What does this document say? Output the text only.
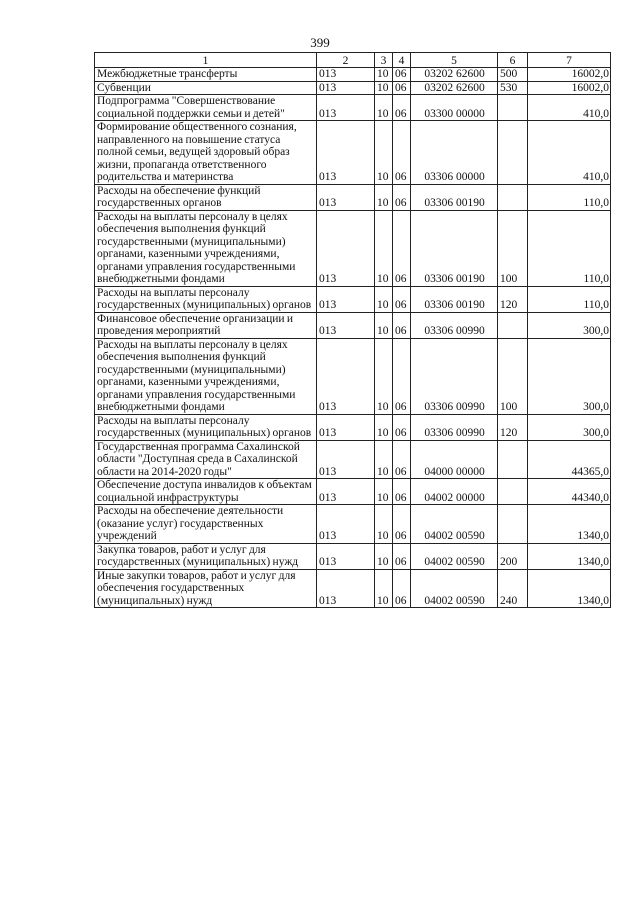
399
1	2	3	4	5	6	7
Межбюджетные трансферты	013	10	06	03202 62600	500	16002,0
Субвенции	013	10	06	03202 62600	530	16002,0
Подпрограмма "Совершенствование социальной поддержки семьи и детей"	013	10	06	03300 00000		410,0
Формирование общественного сознания, направленного на повышение статуса полной семьи, ведущей здоровый образ жизни, пропаганда ответственного родительства и материнства	013	10	06	03306 00000		410,0
Расходы на обеспечение функций государственных органов	013	10	06	03306 00190		110,0
Расходы на выплаты персоналу в целях обеспечения выполнения функций государственными (муниципальными) органами, казенными учреждениями, органами управления государственными внебюджетными фондами	013	10	06	03306 00190	100	110,0
Расходы на выплаты персоналу государственных (муниципальных) органов	013	10	06	03306 00190	120	110,0
Финансовое обеспечение организации и проведения мероприятий	013	10	06	03306 00990		300,0
Расходы на выплаты персоналу в целях обеспечения выполнения функций государственными (муниципальными) органами, казенными учреждениями, органами управления государственными внебюджетными фондами	013	10	06	03306 00990	100	300,0
Расходы на выплаты персоналу государственных (муниципальных) органов	013	10	06	03306 00990	120	300,0
Государственная программа Сахалинской области "Доступная среда в Сахалинской области на 2014-2020 годы"	013	10	06	04000 00000		44365,0
Обеспечение доступа инвалидов к объектам социальной инфраструктуры	013	10	06	04002 00000		44340,0
Расходы на обеспечение деятельности (оказание услуг) государственных учреждений	013	10	06	04002 00590		1340,0
Закупка товаров, работ и услуг для государственных (муниципальных) нужд	013	10	06	04002 00590	200	1340,0
Иные закупки товаров, работ и услуг для обеспечения государственных (муниципальных) нужд	013	10	06	04002 00590	240	1340,0
